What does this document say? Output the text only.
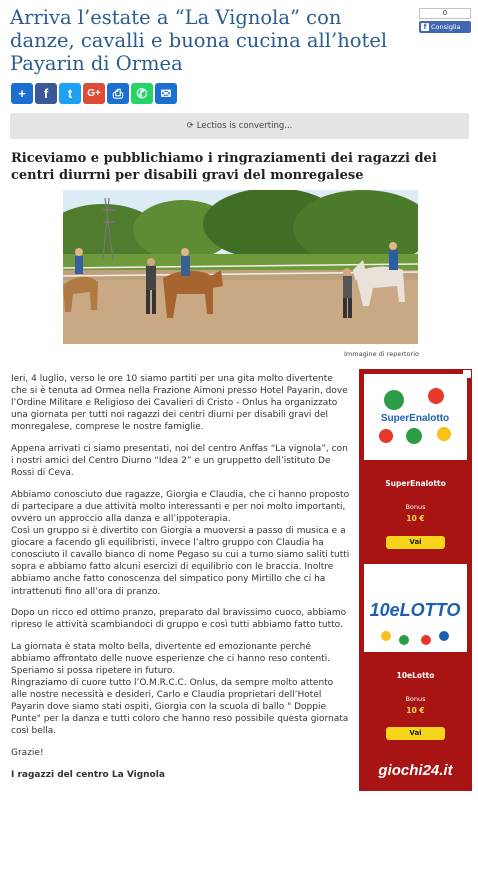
Arriva l’estate a “La Vignola” con danze, cavalli e buona cucina all’hotel Payarin di Ormea
0
f Consiglia
+ f t G+ ⎙ ✆ ✉
⟳ Lectios is converting...
Riceviamo e pubblichiamo i ringraziamenti dei ragazzi dei centri diurrni per disabili gravi del monregalese
Immagine di repertorio

Ieri, 4 luglio, verso le ore 10 siamo partiti per una gita molto divertente che si è tenuta ad Ormea nella Frazione Aimoni presso Hotel Payarin, dove l’Ordine Militare e Religioso dei Cavalieri di Cristo - Onlus ha organizzato una giornata per tutti noi ragazzi dei centri diurni per disabili gravi del monregalese, comprese le nostre famiglie.

Appena arrivati ci siamo presentati, noi del centro Anffas “La vignola”, con i nostri amici del Centro Diurno “Idea 2” e un gruppetto dell’istituto De Rossi di Ceva.

Abbiamo conosciuto due ragazze, Giorgia e Claudia, che ci hanno proposto di partecipare a due attività molto interessanti e per noi molto importanti, ovvero un approccio alla danza e all’ippoterapia.

Così un gruppo si è divertito con Giorgia a muoversi a passo di musica e a giocare a facendo gli equilibristi, invece l’altro gruppo con Claudia ha conosciuto il cavallo bianco di nome Pegaso su cui a turno siamo saliti tutti sopra e abbiamo fatto alcuni esercizi di equilibrio con le braccia. Inoltre abbiamo anche fatto conoscenza del simpatico pony Mirtillo che ci ha intrattenuti fino all’ora di pranzo.

Dopo un ricco ed ottimo pranzo, preparato dal bravissimo cuoco, abbiamo ripreso le attività scambiandoci di gruppo e così tutti abbiamo fatto tutto.

La giornata è stata molto bella, divertente ed emozionante perché abbiamo affrontato delle nuove esperienze che ci hanno reso contenti. Speriamo si possa ripetere in futuro.

Ringraziamo di cuore tutto l’O.M.R.C.C. Onlus, da sempre molto attento alle nostre necessità e desideri, Carlo e Claudia proprietari dell’Hotel Payarin dove siamo stati ospiti, Giorgia con la scuola di ballo " Doppie Punte" per la danza e tutti coloro che hanno reso possibile questa giornata così bella.

Grazie!

I ragazzi del centro La Vignola

SuperEnalotto
SuperEnalotto
Bonus
10 €
Vai
10eLOTTO
10eLotto
Bonus
10 €
Vai
giochi24.it
